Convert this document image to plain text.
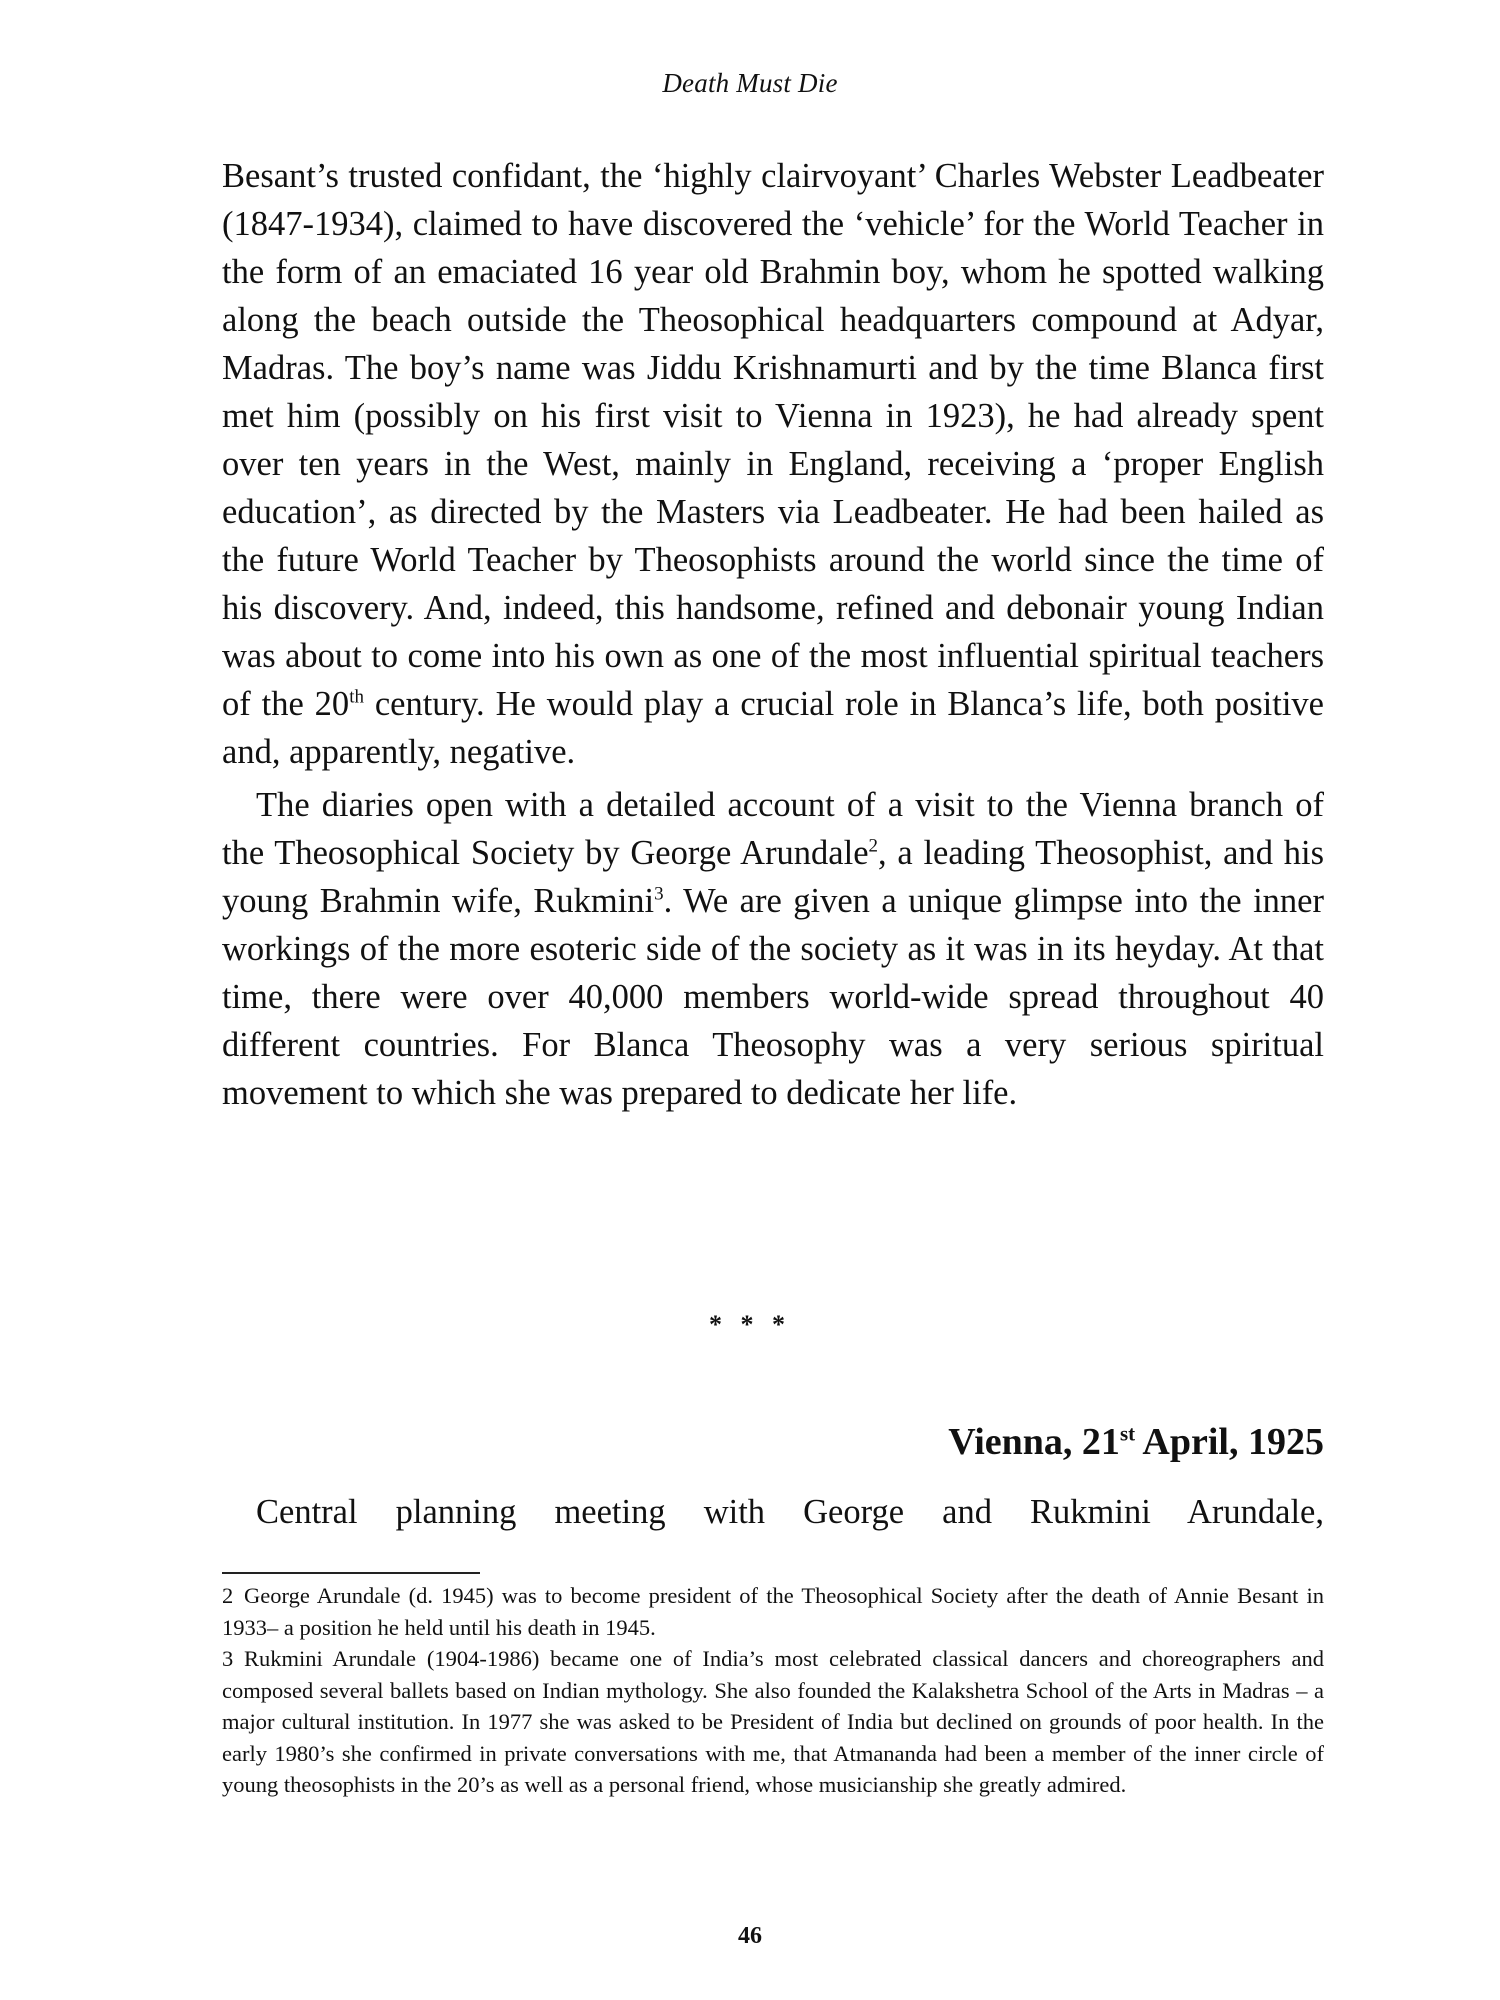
Death Must Die

Besant’s trusted confidant, the ‘highly clairvoyant’ Charles Webster Leadbeater (1847-1934), claimed to have discovered the ‘vehicle’ for the World Teacher in the form of an emaciated 16 year old Brahmin boy, whom he spotted walking along the beach outside the Theosophical headquarters compound at Adyar, Madras. The boy’s name was Jiddu Krishnamurti and by the time Blanca first met him (possibly on his first visit to Vienna in 1923), he had already spent over ten years in the West, mainly in England, receiving a ‘proper English education’, as directed by the Masters via Leadbeater. He had been hailed as the future World Teacher by Theosophists around the world since the time of his discovery. And, indeed, this handsome, refined and debonair young Indian was about to come into his own as one of the most influential spiritual teachers of the 20th century. He would play a crucial role in Blanca’s life, both positive and, apparently, negative.

The diaries open with a detailed account of a visit to the Vienna branch of the Theosophical Society by George Arundale$^2$, a leading Theosophist, and his young Brahmin wife, Rukmini$^3$. We are given a unique glimpse into the inner workings of the more esoteric side of the society as it was in its heyday. At that time, there were over 40,000 members world-wide spread throughout 40 different countries. For Blanca Theosophy was a very serious spiritual movement to which she was prepared to dedicate her life.

* * *
Vienna, 21st April, 1925
Central planning meeting with George and Rukmini Arundale,

2 George Arundale (d. 1945) was to become president of the Theosophical Society after the death of Annie Besant in 1933– a position he held until his death in 1945.

3 Rukmini Arundale (1904-1986) became one of India’s most celebrated classical dancers and choreographers and composed several ballets based on Indian mythology. She also founded the Kalakshetra School of the Arts in Madras – a major cultural institution. In 1977 she was asked to be President of India but declined on grounds of poor health. In the early 1980’s she confirmed in private conversations with me, that Atmananda had been a member of the inner circle of young theosophists in the 20’s as well as a personal friend, whose musicianship she greatly admired.

46
